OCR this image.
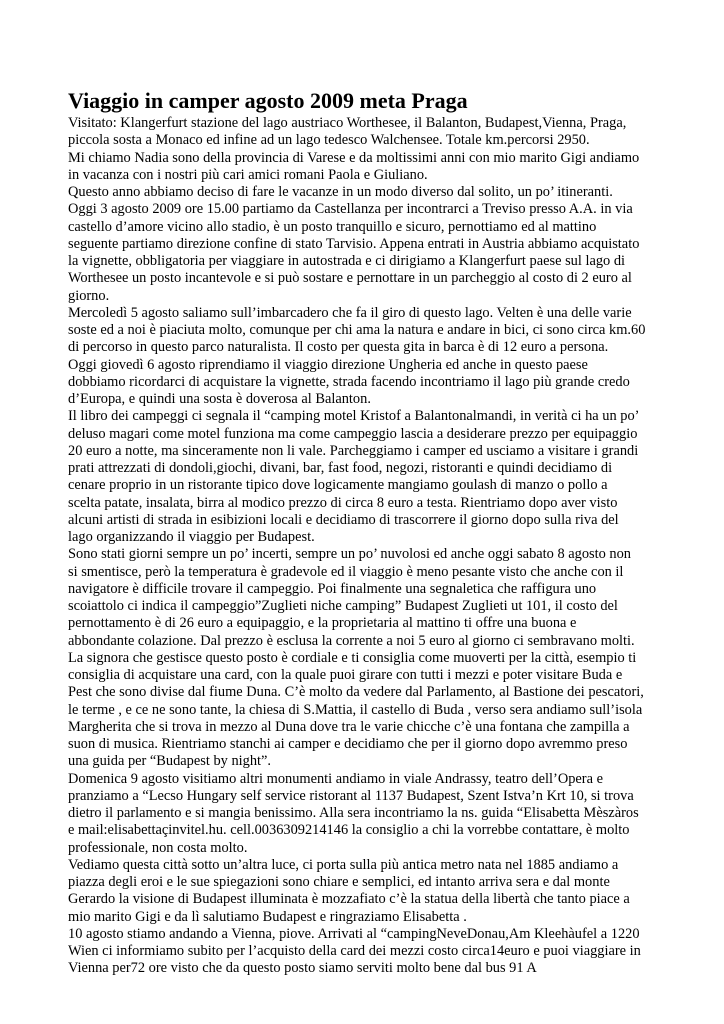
Viaggio in camper agosto 2009 meta Praga
Visitato: Klangerfurt stazione del lago austriaco Worthesee, il Balanton, Budapest,Vienna, Praga,
piccola sosta a Monaco ed infine ad un lago tedesco Walchensee. Totale km.percorsi 2950.
Mi chiamo Nadia sono della provincia di Varese e da moltissimi anni con mio marito Gigi andiamo
in vacanza con i nostri più cari amici romani Paola e Giuliano.
Questo anno abbiamo deciso di fare le vacanze in un modo diverso dal solito, un po’ itineranti.
Oggi 3 agosto 2009 ore 15.00 partiamo da Castellanza per incontrarci a Treviso presso A.A. in via
castello d’amore vicino allo stadio, è un posto tranquillo e sicuro, pernottiamo ed al mattino
seguente partiamo direzione confine di stato Tarvisio. Appena entrati in Austria abbiamo acquistato
la vignette, obbligatoria per viaggiare in autostrada e ci dirigiamo a Klangerfurt paese sul lago di
Worthesee un posto incantevole e si può sostare e pernottare in un parcheggio al costo di 2 euro al
giorno.
Mercoledì 5 agosto saliamo sull’imbarcadero che fa il giro di questo lago. Velten è una delle varie
soste ed a noi è piaciuta molto, comunque per chi ama la natura e andare in bici, ci sono circa km.60
di percorso in questo parco naturalista. Il costo per questa gita in barca è di 12 euro a persona.
Oggi giovedì 6 agosto riprendiamo il viaggio direzione Ungheria ed anche in questo paese
dobbiamo ricordarci di acquistare la vignette, strada facendo incontriamo il lago più grande credo
d’Europa, e quindi una sosta è doverosa al Balanton.
Il libro dei campeggi ci segnala il “camping motel Kristof a Balantonalmandi, in verità ci ha un po’
deluso magari come motel funziona ma come campeggio lascia a desiderare prezzo per equipaggio
20 euro a notte, ma sinceramente non li vale. Parcheggiamo i camper ed usciamo a visitare i grandi
prati attrezzati di dondoli,giochi, divani, bar, fast food, negozi, ristoranti e quindi decidiamo di
cenare proprio in un ristorante tipico dove logicamente mangiamo goulash di manzo o pollo a
scelta patate, insalata, birra al modico prezzo di circa 8 euro a testa. Rientriamo dopo aver visto
alcuni artisti di strada in esibizioni locali e decidiamo di trascorrere il giorno dopo sulla riva del
lago organizzando il viaggio per Budapest.
Sono stati giorni sempre un po’ incerti, sempre un po’ nuvolosi ed anche oggi sabato 8 agosto non
si smentisce, però la temperatura è gradevole ed il viaggio è meno pesante visto che anche con il
navigatore è difficile trovare il campeggio. Poi finalmente una segnaletica che raffigura uno
scoiattolo ci indica il campeggio”Zuglieti niche camping” Budapest Zuglieti ut 101, il costo del
pernottamento è di 26 euro a equipaggio, e la proprietaria al mattino ti offre una buona e
abbondante colazione. Dal prezzo è esclusa la corrente a noi 5 euro al giorno ci sembravano molti.
La signora che gestisce questo posto è cordiale e ti consiglia come muoverti per la città, esempio ti
consiglia di acquistare una card, con la quale puoi girare con tutti i mezzi e poter visitare Buda e
Pest che sono divise dal fiume Duna. C’è molto da vedere dal Parlamento, al Bastione dei pescatori,
le terme , e ce ne sono tante, la chiesa di S.Mattia, il castello di Buda , verso sera andiamo sull’isola
Margherita che si trova in mezzo al Duna dove tra le varie chicche c’è una fontana che zampilla a
suon di musica. Rientriamo stanchi ai camper e decidiamo che per il giorno dopo avremmo preso
una guida per “Budapest by night”.
Domenica 9 agosto visitiamo altri monumenti andiamo in viale Andrassy, teatro dell’Opera e
pranziamo a “Lecso Hungary self service ristorant al 1137 Budapest, Szent Istva’n Krt 10, si trova
dietro il parlamento e si mangia benissimo. Alla sera incontriamo la ns. guida “Elisabetta Mèszàros
e mail:elisabettaçinvitel.hu. cell.0036309214146 la consiglio a chi la vorrebbe contattare, è molto
professionale, non costa molto.
Vediamo questa città sotto un’altra luce, ci porta sulla più antica metro nata nel 1885 andiamo a
piazza degli eroi e le sue spiegazioni sono chiare e semplici, ed intanto arriva sera e dal monte
Gerardo la visione di Budapest illuminata è mozzafiato c’è la statua della libertà che tanto piace a
mio marito Gigi e da lì salutiamo Budapest e ringraziamo Elisabetta .
10 agosto stiamo andando a Vienna, piove. Arrivati al “campingNeveDonau,Am Kleehàufel a 1220
Wien ci informiamo subito per l’acquisto della card dei mezzi costo circa14euro e puoi viaggiare in
Vienna per72 ore visto che da questo posto siamo serviti molto bene dal bus 91 A
